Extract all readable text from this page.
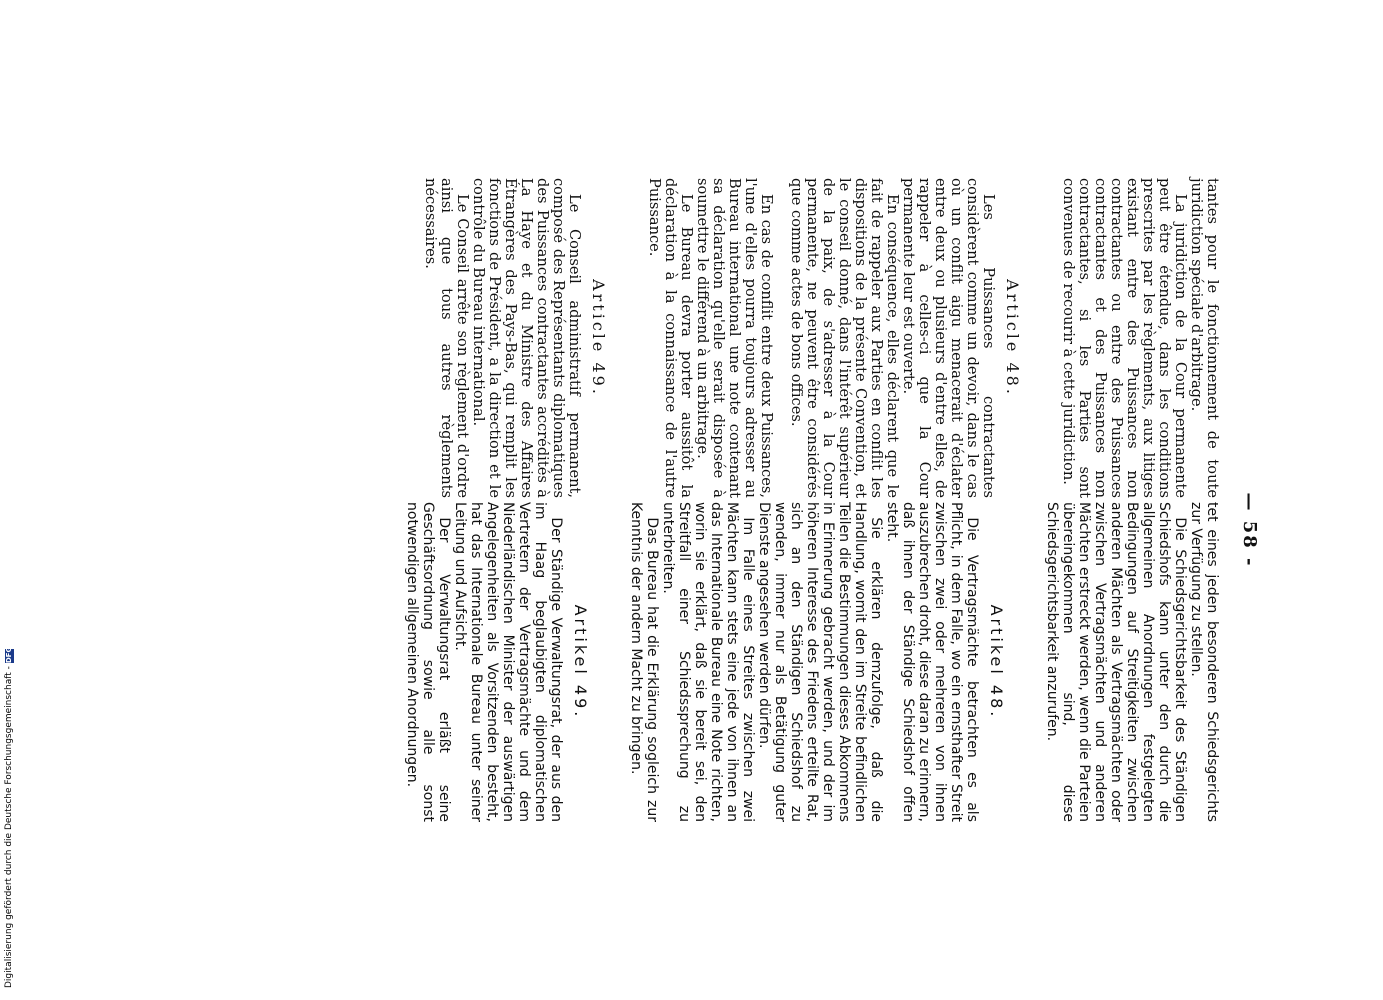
— 58 -

tantes pour le fonctionnement de toute juridiction spéciale d'arbitrage.

La juridiction de la Cour permanente peut être étendue, dans les conditions prescrites par les règlements, aux litiges existant entre des Puissances non contractantes ou entre des Puissances contractantes et des Puissances non contractantes, si les Parties sont convenues de recourir à cette juridiction.

Article 48.

Les Puissances contractantes considèrent comme un devoir, dans le cas où un conflit aigu menacerait d'éclater entre deux ou plusieurs d'entre elles, de rappeler à celles-ci que la Cour permanente leur est ouverte.

En conséquence, elles déclarent que le fait de rappeler aux Parties en conflit les dispositions de la présente Convention, et le conseil donné, dans l'intérêt supérieur de la paix, de s'adresser à la Cour permanente, ne peuvent être considérés que comme actes de bons offices.

En cas de conflit entre deux Puissances, l'une d'elles pourra toujours adresser au Bureau international une note contenant sa déclaration qu'elle serait disposée à soumettre le différend à un arbitrage.

Le Bureau devra porter aussitôt la déclaration à la connaissance de l'autre Puissance.

Article 49.

Le Conseil administratif permanent, composé des Représentants diplomatiques des Puissances contractantes accrédités à La Haye et du Ministre des Affaires Étrangères des Pays-Bas, qui remplit les fonctions de Président, a la direction et le contrôle du Bureau international.

Le Conseil arrête son règlement d'ordre ainsi que tous autres règlements nécessaires.

tet eines jeden besonderen Schiedsgerichts zur Verfügung zu stellen.

Die Schiedsgerichtsbarkeit des Ständigen Schiedshofs kann unter den durch die allgemeinen Anordnungen festgelegten Bedingungen auf Streitigkeiten zwischen anderen Mächten als Vertragsmächten oder zwischen Vertragsmächten und anderen Mächten erstreckt werden, wenn die Parteien übereingekommen sind, diese Schiedsgerichtsbarkeit anzurufen.

Artikel 48.

Die Vertragsmächte betrachten es als Pflicht, in dem Falle, wo ein ernsthafter Streit zwischen zwei oder mehreren von ihnen auszubrechen droht, diese daran zu erinnern, daß ihnen der Ständige Schiedshof offen steht.

Sie erklären demzufolge, daß die Handlung, womit den im Streite befindlichen Teilen die Bestimmungen dieses Abkommens in Erinnerung gebracht werden, und der im höheren Interesse des Friedens erteilte Rat, sich an den Ständigen Schiedshof zu wenden, immer nur als Betätigung guter Dienste angesehen werden dürfen.

Im Falle eines Streites zwischen zwei Mächten kann stets eine jede von ihnen an das Internationale Bureau eine Note richten, worin sie erklärt, daß sie bereit sei, den Streitfall einer Schiedssprechung zu unterbreiten.

Das Bureau hat die Erklärung sogleich zur Kenntnis der andern Macht zu bringen.

Artikel 49.

Der Ständige Verwaltungsrat, der aus den im Haag beglaubigten diplomatischen Vertretern der Vertragsmächte und dem Niederländischen Minister der auswärtigen Angelegenheiten als Vorsitzenden besteht, hat das Internationale Bureau unter seiner Leitung und Aufsicht.

Der Verwaltungsrat erläßt seine Geschäftsordnung sowie alle sonst notwendigen allgemeinen Anordnungen.

Digitalisierung gefördert durch die Deutsche Forschungsgemeinschaft -DFG
